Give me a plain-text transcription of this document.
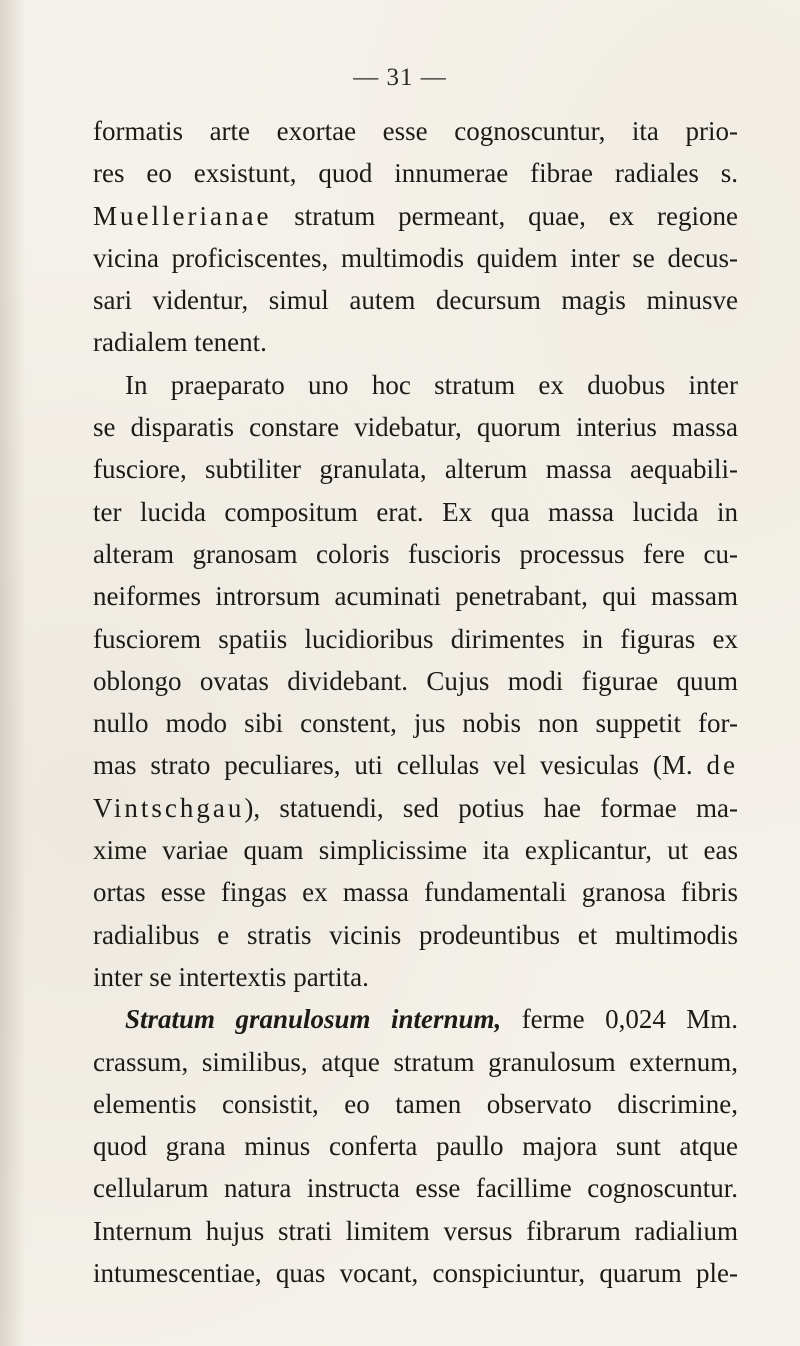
— 31 —
formatis arte exortae esse cognoscuntur, ita prio-
res eo exsistunt, quod innumerae fibrae radiales s.
Muellerianae stratum permeant, quae, ex regione
vicina proficiscentes, multimodis quidem inter se decus-
sari videntur, simul autem decursum magis minusve
radialem tenent.
In praeparato uno hoc stratum ex duobus inter
se disparatis constare videbatur, quorum interius massa
fusciore, subtiliter granulata, alterum massa aequabili-
ter lucida compositum erat. Ex qua massa lucida in
alteram granosam coloris fuscioris processus fere cu-
neiformes introrsum acuminati penetrabant, qui massam
fusciorem spatiis lucidioribus dirimentes in figuras ex
oblongo ovatas dividebant. Cujus modi figurae quum
nullo modo sibi constent, jus nobis non suppetit for-
mas strato peculiares, uti cellulas vel vesiculas (M. de
Vintschgau), statuendi, sed potius hae formae ma-
xime variae quam simplicissime ita explicantur, ut eas
ortas esse fingas ex massa fundamentali granosa fibris
radialibus e stratis vicinis prodeuntibus et multimodis
inter se intertextis partita.
Stratum granulosum internum, ferme 0,024 Mm.
crassum, similibus, atque stratum granulosum externum,
elementis consistit, eo tamen observato discrimine,
quod grana minus conferta paullo majora sunt atque
cellularum natura instructa esse facillime cognoscuntur.
Internum hujus strati limitem versus fibrarum radialium
intumescentiae, quas vocant, conspiciuntur, quarum ple-
